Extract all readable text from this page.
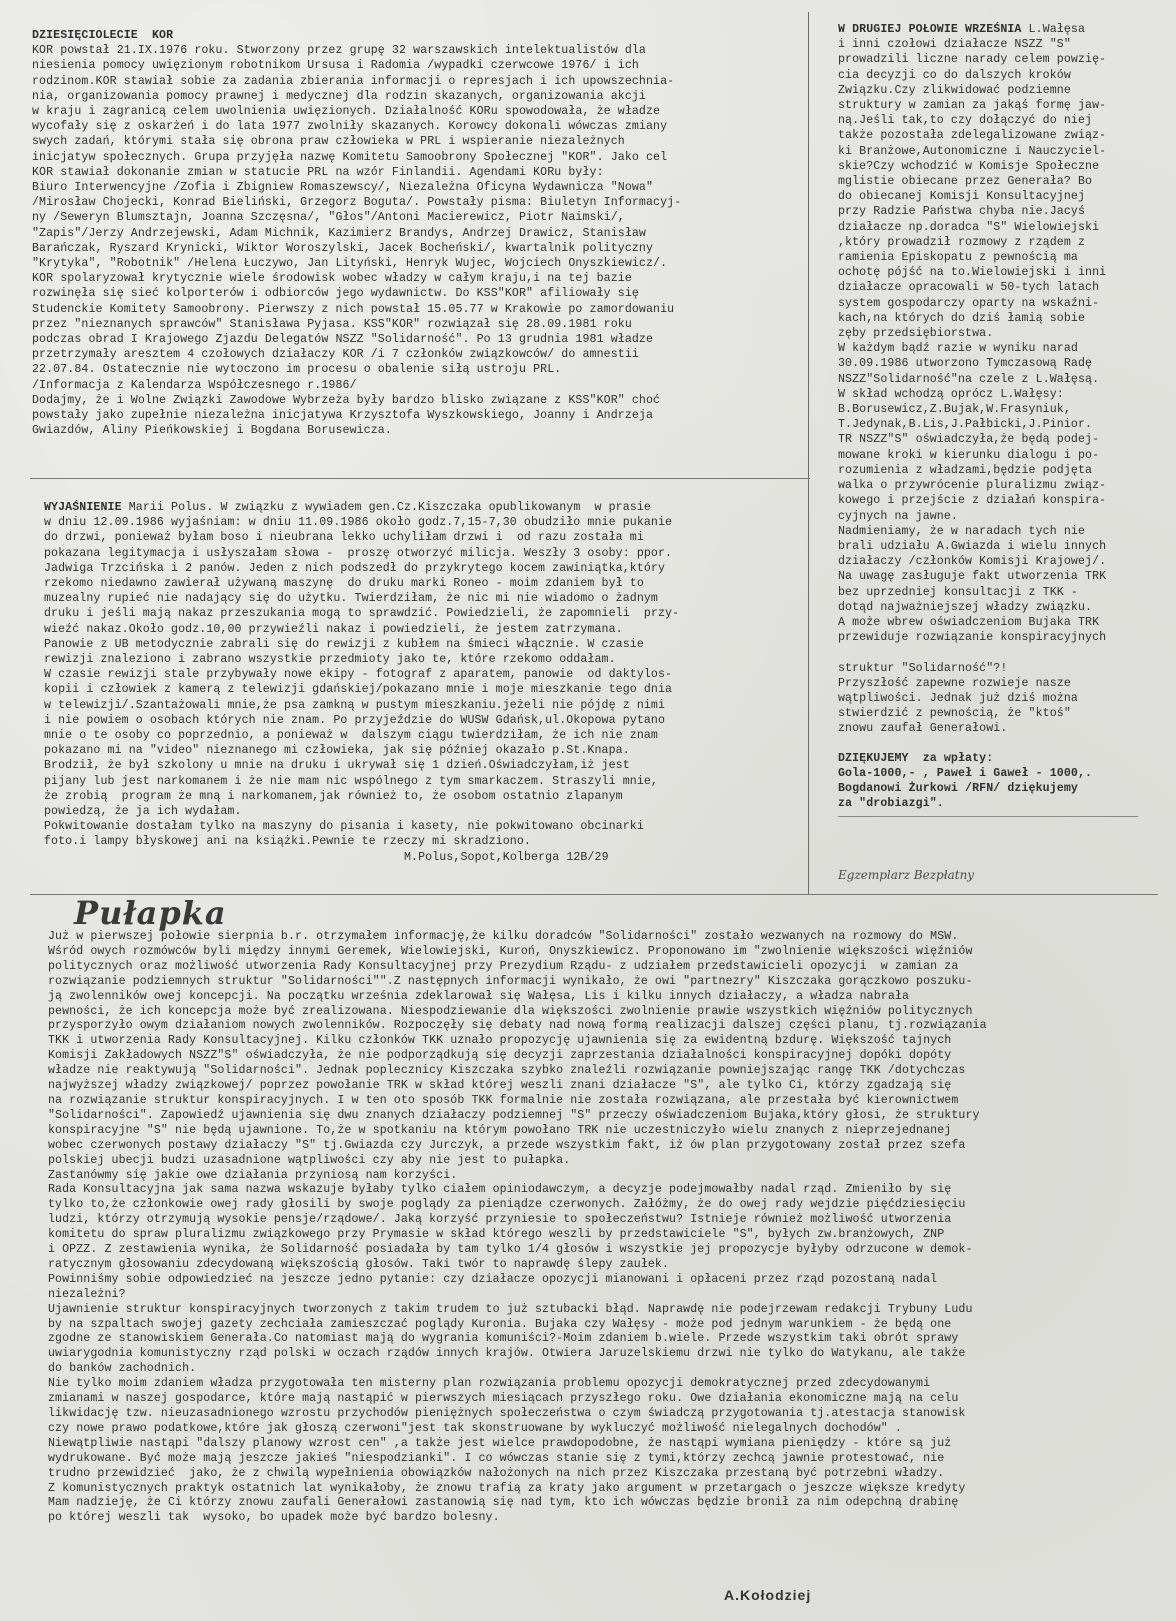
DZIESIĘCIOLECIE  KOR

KOR powstał 21.IX.1976 roku. Stworzony przez grupę 32 warszawskich intelektualistów dla

niesienia pomocy uwięzionym robotnikom Ursusa i Radomia /wypadki czerwcowe 1976/ i ich

rodzinom.KOR stawiał sobie za zadania zbierania informacji o represjach i ich upowszechnia-

nia, organizowania pomocy prawnej i medycznej dla rodzin skazanych, organizowania akcji

w kraju i zagranicą celem uwolnienia uwięzionych. Działalność KORu spowodowała, że władze

wycofały się z oskarżeń i do lata 1977 zwolniły skazanych. Korowcy dokonali wówczas zmiany

swych zadań, którymi stała się obrona praw człowieka w PRL i wspieranie niezależnych

inicjatyw społecznych. Grupa przyjęła nazwę Komitetu Samoobrony Społecznej "KOR". Jako cel

KOR stawiał dokonanie zmian w statucie PRL na wzór Finlandii. Agendami KORu były:

Biuro Interwencyjne /Zofia i Zbigniew Romaszewscy/, Niezależna Oficyna Wydawnicza "Nowa"

/Mirosław Chojecki, Konrad Bieliński, Grzegorz Boguta/. Powstały pisma: Biuletyn Informacyj-

ny /Seweryn Blumsztajn, Joanna Szczęsna/, "Głos"/Antoni Macierewicz, Piotr Naimski/,

"Zapis"/Jerzy Andrzejewski, Adam Michnik, Kazimierz Brandys, Andrzej Drawicz, Stanisław

Barańczak, Ryszard Krynicki, Wiktor Woroszylski, Jacek Bocheński/, kwartalnik polityczny

"Krytyka", "Robotnik" /Helena Łuczywo, Jan Lityński, Henryk Wujec, Wojciech Onyszkiewicz/.

KOR spolaryzował krytycznie wiele środowisk wobec władzy w całym kraju,i na tej bazie

rozwinęła się sieć kolporterów i odbiorców jego wydawnictw. Do KSS"KOR" afiliowały się

Studenckie Komitety Samoobrony. Pierwszy z nich powstał 15.05.77 w Krakowie po zamordowaniu

przez "nieznanych sprawców" Stanisława Pyjasa. KSS"KOR" rozwiązał się 28.09.1981 roku

podczas obrad I Krajowego Zjazdu Delegatów NSZZ "Solidarność". Po 13 grudnia 1981 władze

przetrzymały aresztem 4 czołowych działaczy KOR /i 7 członków związkowców/ do amnestii

22.07.84. Ostatecznie nie wytoczono im procesu o obalenie siłą ustroju PRL.

/Informacja z Kalendarza Współczesnego r.1986/

Dodajmy, że i Wolne Związki Zawodowe Wybrzeża były bardzo blisko związane z KSS"KOR" choć

powstały jako zupełnie niezależna inicjatywa Krzysztofa Wyszkowskiego, Joanny i Andrzeja

Gwiazdów, Aliny Pieńkowskiej i Bogdana Borusewicza.

WYJAŚNIENIE Marii Polus. W związku z wywiadem gen.Cz.Kiszczaka opublikowanym  w prasie

w dniu 12.09.1986 wyjaśniam: w dniu 11.09.1986 około godz.7,15-7,30 obudziło mnie pukanie

do drzwi, ponieważ byłam boso i nieubrana lekko uchyliłam drzwi i  od razu została mi

pokazana legitymacja i usłyszałam słowa -  proszę otworzyć milicja. Weszły 3 osoby: ppor.

Jadwiga Trzcińska i 2 panów. Jeden z nich podszedł do przykrytego kocem zawiniątka,który

rzekomo niedawno zawierał używaną maszynę  do druku marki Roneo - moim zdaniem był to

muzealny rupieć nie nadający się do użytku. Twierdziłam, że nic mi nie wiadomo o żadnym

druku i jeśli mają nakaz przeszukania mogą to sprawdzić. Powiedzieli, że zapomnieli  przy-

wieźć nakaz.Około godz.10,00 przywieźli nakaz i powiedzieli, że jestem zatrzymana.

Panowie z UB metodycznie zabrali się do rewizji z kubłem na śmieci włącznie. W czasie

rewizji znaleziono i zabrano wszystkie przedmioty jako te, które rzekomo oddałam.

W czasie rewizji stale przybywały nowe ekipy - fotograf z aparatem, panowie  od daktylos-

kopii i człowiek z kamerą z telewizji gdańskiej/pokazano mnie i moje mieszkanie tego dnia

w telewizji/.Szantażowali mnie,że psa zamkną w pustym mieszkaniu.jeżeli nie pójdę z nimi

i nie powiem o osobach których nie znam. Po przyjeździe do WUSW Gdańsk,ul.Okopowa pytano

mnie o te osoby co poprzednio, a ponieważ w  dalszym ciągu twierdziłam, że ich nie znam

pokazano mi na "video" nieznanego mi człowieka, jak się później okazało p.St.Knapa.

Brodził, że był szkolony u mnie na druku i ukrywał się 1 dzień.Oświadczyłam,iż jest

pijany lub jest narkomanem i że nie mam nic wspólnego z tym smarkaczem. Straszyli mnie,

że zrobią  program że mną i narkomanem,jak również to, że osobom ostatnio zlapanym

powiedzą, że ja ich wydałam.

Pokwitowanie dostałam tylko na maszyny do pisania i kasety, nie pokwitowano obcinarki

foto.i lampy błyskowej ani na książki.Pewnie te rzeczy mi skradziono.

M.Polus,Sopot,Kolberga 12B/29

W DRUGIEJ POŁOWIE WRZEŚNIA L.Wałęsa

i inni czołowi działacze NSZZ "S"

prowadzili liczne narady celem powzię-

cia decyzji co do dalszych kroków

Związku.Czy zlikwidować podziemne

struktury w zamian za jakąś formę jaw-

ną.Jeśli tak,to czy dołączyć do niej

także pozostała zdelegalizowane związ-

ki Branżowe,Autonomiczne i Nauczyciel-

skie?Czy wchodzić w Komisje Społeczne

mglistie obiecane przez Generała? Bo

do obiecanej Komisji Konsultacyjnej

przy Radzie Państwa chyba nie.Jacyś

działacze np.doradca "S" Wielowiejski

,który prowadził rozmowy z rządem z

ramienia Episkopatu z pewnością ma

ochotę pójść na to.Wielowiejski i inni

działacze opracowali w 50-tych latach

system gospodarczy oparty na wskaźni-

kach,na których do dziś łamią sobie

zęby przedsiębiorstwa.

W każdym bądź razie w wyniku narad

30.09.1986 utworzono Tymczasową Radę

NSZZ"Solidarność"na czele z L.Wałęsą.

W skład wchodzą oprócz L.Wałęsy:

B.Borusewicz,Z.Bujak,W.Frasyniuk,

T.Jedynak,B.Lis,J.Pałbicki,J.Pinior.

TR NSZZ"S" oświadczyła,że będą podej-

mowane kroki w kierunku dialogu i po-

rozumienia z władzami,będzie podjęta

walka o przywrócenie pluralizmu związ-

kowego i przejście z działań konspira-

cyjnych na jawne.

Nadmieniamy, że w naradach tych nie

brali udziału A.Gwiazda i wielu innych

działaczy /członków Komisji Krajowej/.

Na uwagę zasługuje fakt utworzenia TRK

bez uprzedniej konsultacji z TKK -

dotąd najważniejszej władzy związku.

A może wbrew oświadczeniom Bujaka TRK

przewiduje rozwiązanie konspiracyjnych

struktur "Solidarność"?!

Przyszłość zapewne rozwieje nasze

wątpliwości. Jednak już dziś można

stwierdzić z pewnością, że "ktoś"

znowu zaufał Generałowi.

DZIĘKUJEMY  za wpłaty:

Gola-1000,- , Paweł i Gaweł - 1000,.

Bogdanowi Żurkowi /RFN/ dziękujemy

za "drobiazgi".

Egzemplarz Bezpłatny
Pułapka

Już w pierwszej połowie sierpnia b.r. otrzymałem informację,że kilku doradców "Solidarności" zostało wezwanych na rozmowy do MSW.

Wśród owych rozmówców byli między innymi Geremek, Wielowiejski, Kuroń, Onyszkiewicz. Proponowano im "zwolnienie większości więźniów

politycznych oraz możliwość utworzenia Rady Konsultacyjnej przy Prezydium Rządu- z udziałem przedstawicieli opozycji  w zamian za

rozwiązanie podziemnych struktur "Solidarności"".Z następnych informacji wynikało, że owi "partnezry" Kiszczaka gorączkowo poszuku-

ją zwolenników owej koncepcji. Na początku września zdeklarował się Wałęsa, Lis i kilku innych działaczy, a władza nabrała

pewności, że ich koncepcja może być zrealizowana. Niespodziewanie dla większości zwolnienie prawie wszystkich więźniów politycznych

przysporzyło owym działaniom nowych zwolenników. Rozpoczęły się debaty nad nową formą realizacji dalszej części planu, tj.rozwiązania

TKK i utworzenia Rady Konsultacyjnej. Kilku członków TKK uznało propozycję ujawnienia się za ewidentną bzdurę. Większość tajnych

Komisji Zakładowych NSZZ"S" oświadczyła, że nie podporządkują się decyzji zaprzestania działalności konspiracyjnej dopóki dopóty

władze nie reaktywują "Solidarności". Jednak poplecznicy Kiszczaka szybko znaleźli rozwiązanie powniejszając rangę TKK /dotychczas

najwyższej władzy związkowej/ poprzez powołanie TRK w skład której weszli znani działacze "S", ale tylko Ci, którzy zgadzają się

na rozwiązanie struktur konspiracyjnych. I w ten oto sposób TKK formalnie nie została rozwiązana, ale przestała być kierownictwem

"Solidarności". Zapowiedź ujawnienia się dwu znanych działaczy podziemnej "S" przeczy oświadczeniom Bujaka,który głosi, że struktury

konspiracyjne "S" nie będą ujawnione. To,że w spotkaniu na którym powołano TRK nie uczestniczyło wielu znanych z nieprzejednanej

wobec czerwonych postawy działaczy "S" tj.Gwiazda czy Jurczyk, a przede wszystkim fakt, iż ów plan przygotowany został przez szefa

polskiej ubecji budzi uzasadnione wątpliwości czy aby nie jest to pułapka.

Zastanówmy się jakie owe działania przyniosą nam korzyści.

Rada Konsultacyjna jak sama nazwa wskazuje byłaby tylko ciałem opiniodawczym, a decyzje podejmowałby nadal rząd. Zmieniło by się

tylko to,że członkowie owej rady głosili by swoje poglądy za pieniądze czerwonych. Załóżmy, że do owej rady wejdzie pięćdziesięciu

ludzi, którzy otrzymują wysokie pensje/rządowe/. Jaką korzyść przyniesie to społeczeństwu? Istnieje również możliwość utworzenia

komitetu do spraw pluralizmu związkowego przy Prymasie w skład którego weszli by przedstawiciele "S", byłych zw.branżowych, ZNP

i OPZZ. Z zestawienia wynika, że Solidarność posiadała by tam tylko 1/4 głosów i wszystkie jej propozycje byłyby odrzucone w demok-

ratycznym głosowaniu zdecydowaną większością głosów. Taki twór to naprawdę ślepy zaułek.

Powinniśmy sobie odpowiedzieć na jeszcze jedno pytanie: czy działacze opozycji mianowani i opłaceni przez rząd pozostaną nadal

niezależni?

Ujawnienie struktur konspiracyjnych tworzonych z takim trudem to już sztubacki błąd. Naprawdę nie podejrzewam redakcji Trybuny Ludu

by na szpaltach swojej gazety zechciała zamieszczać poglądy Kuronia. Bujaka czy Wałęsy - może pod jednym warunkiem - że będą one

zgodne ze stanowiskiem Generała.Co natomiast mają do wygrania komuniści?-Moim zdaniem b.wiele. Przede wszystkim taki obrót sprawy

uwiarygodnia komunistyczny rząd polski w oczach rządów innych krajów. Otwiera Jaruzelskiemu drzwi nie tylko do Watykanu, ale także

do banków zachodnich.

Nie tylko moim zdaniem władza przygotowała ten misterny plan rozwiązania problemu opozycji demokratycznej przed zdecydowanymi

zmianami w naszej gospodarce, które mają nastąpić w pierwszych miesiącach przyszłego roku. Owe działania ekonomiczne mają na celu

likwidację tzw. nieuzasadnionego wzrostu przychodów pieniężnych społeczeństwa o czym świadczą przygotowania tj.atestacja stanowisk

czy nowe prawo podatkowe,które jak głoszą czerwoni"jest tak skonstruowane by wykluczyć możliwość nielegalnych dochodów" .

Niewątpliwie nastąpi "dalszy planowy wzrost cen" ,a także jest wielce prawdopodobne, że nastąpi wymiana pieniędzy - które są już

wydrukowane. Być może mają jeszcze jakieś "niespodzianki". I co wówczas stanie się z tymi,którzy zechcą jawnie protestować, nie

trudno przewidzieć  jako, że z chwilą wypełnienia obowiązków nałożonych na nich przez Kiszczaka przestaną być potrzebni władzy.

Z komunistycznych praktyk ostatnich lat wynikałoby, że znowu trafią za kraty jako argument w przetargach o jeszcze większe kredyty

Mam nadzieję, że Ci którzy znowu zaufali Generałowi zastanowią się nad tym, kto ich wówczas będzie bronił za nim odepchną drabinę

po której weszli tak  wysoko, bo upadek może być bardzo bolesny.

A.Kołodziej
